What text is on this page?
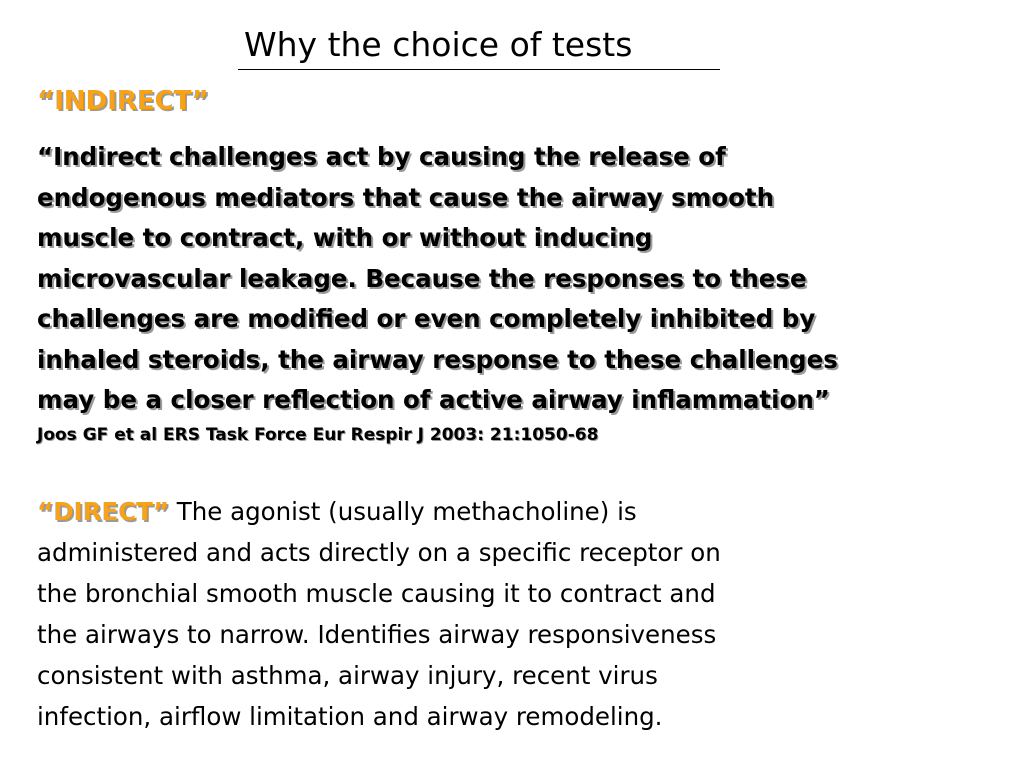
Why the choice of tests
“INDIRECT”
“Indirect challenges act by causing the release of
endogenous mediators that cause the airway smooth
muscle to contract, with or without inducing
microvascular leakage. Because the responses to these
challenges are modified or even completely inhibited by
inhaled steroids, the airway response to these challenges
may be a closer reflection of active airway inflammation”
Joos GF et al ERS Task Force Eur Respir J 2003: 21:1050-68
“DIRECT” The agonist (usually methacholine) is
administered and acts directly on a specific receptor on
the bronchial smooth muscle causing it to contract and
the airways to narrow. Identifies airway responsiveness
consistent with asthma, airway injury, recent virus
infection, airflow limitation and airway remodeling.
